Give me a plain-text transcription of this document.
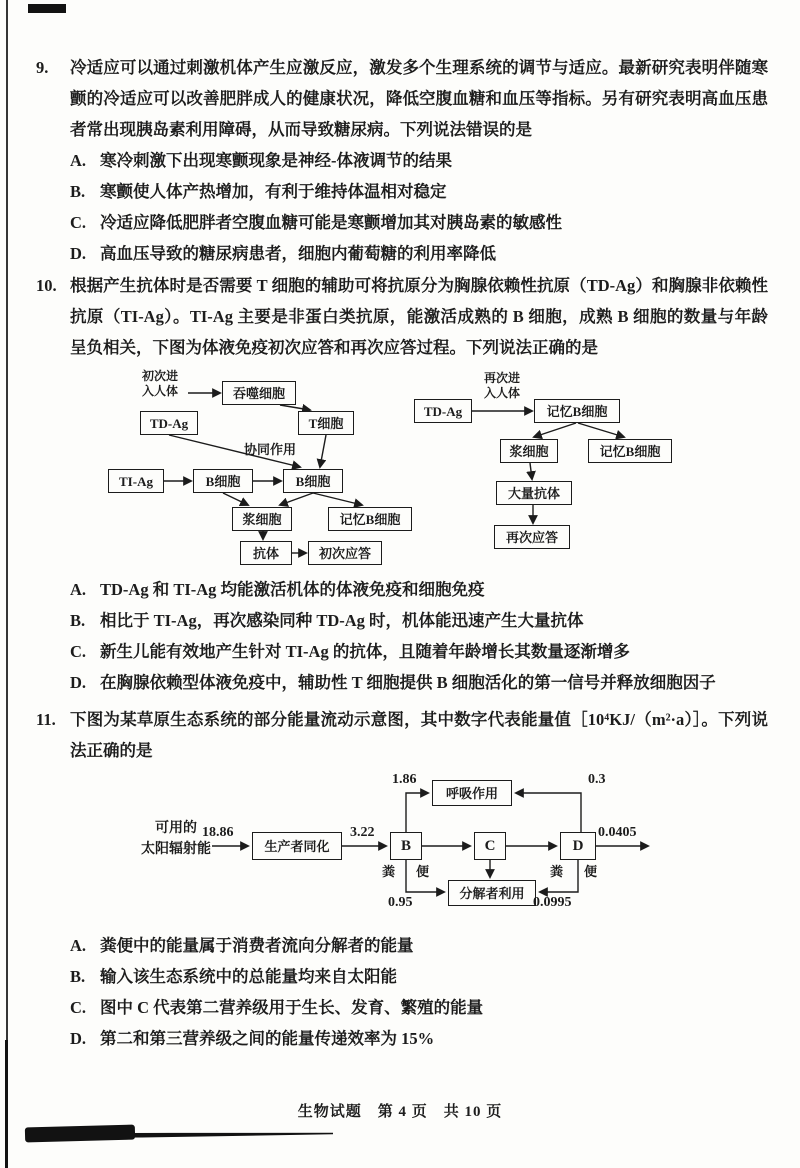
9.	冷适应可以通过刺激机体产生应激反应，激发多个生理系统的调节与适应。最新研究表明伴随寒颤的冷适应可以改善肥胖成人的健康状况，降低空腹血糖和血压等指标。另有研究表明高血压患者常出现胰岛素利用障碍，从而导致糖尿病。下列说法错误的是
A. 寒冷刺激下出现寒颤现象是神经-体液调节的结果
B. 寒颤使人体产热增加，有利于维持体温相对稳定
C. 冷适应降低肥胖者空腹血糖可能是寒颤增加其对胰岛素的敏感性
D. 高血压导致的糖尿病患者，细胞内葡萄糖的利用率降低
10. 根据产生抗体时是否需要 T 细胞的辅助可将抗原分为胸腺依赖性抗原（TD-Ag）和胸腺非依赖性抗原（TI-Ag）。TI-Ag 主要是非蛋白类抗原，能激活成熟的 B 细胞，成熟 B 细胞的数量与年龄呈负相关，下图为体液免疫初次应答和再次应答过程。下列说法正确的是
初次进
入人体	吞噬细胞
TD-Ag	T细胞
协同作用
TI-Ag	B细胞	B细胞
浆细胞	记忆B细胞
抗体	初次应答
TD-Ag
再次进
入人体
记忆B细胞
浆细胞	记忆B细胞
大量抗体
再次应答
A. TD-Ag 和 TI-Ag 均能激活机体的体液免疫和细胞免疫
B. 相比于 TI-Ag，再次感染同种 TD-Ag 时，机体能迅速产生大量抗体
C. 新生儿能有效地产生针对 TI-Ag 的抗体，且随着年龄增长其数量逐渐增多
D. 在胸腺依赖型体液免疫中，辅助性 T 细胞提供 B 细胞活化的第一信号并释放细胞因子
11. 下图为某草原生态系统的部分能量流动示意图，其中数字代表能量值［10⁴KJ/（m²·a）］。下列说法正确的是
1.86
呼吸作用
0.3
可用的
太阳辐射能
18.86
生产者同化
3.22
B	C	D
0.0405
粪 便
0.95
分解者利用
粪 便
0.0995
A. 粪便中的能量属于消费者流向分解者的能量
B. 输入该生态系统中的总能量均来自太阳能
C. 图中 C 代表第二营养级用于生长、发育、繁殖的能量
D. 第二和第三营养级之间的能量传递效率为 15%
生物试题　第 4 页　共 10 页
